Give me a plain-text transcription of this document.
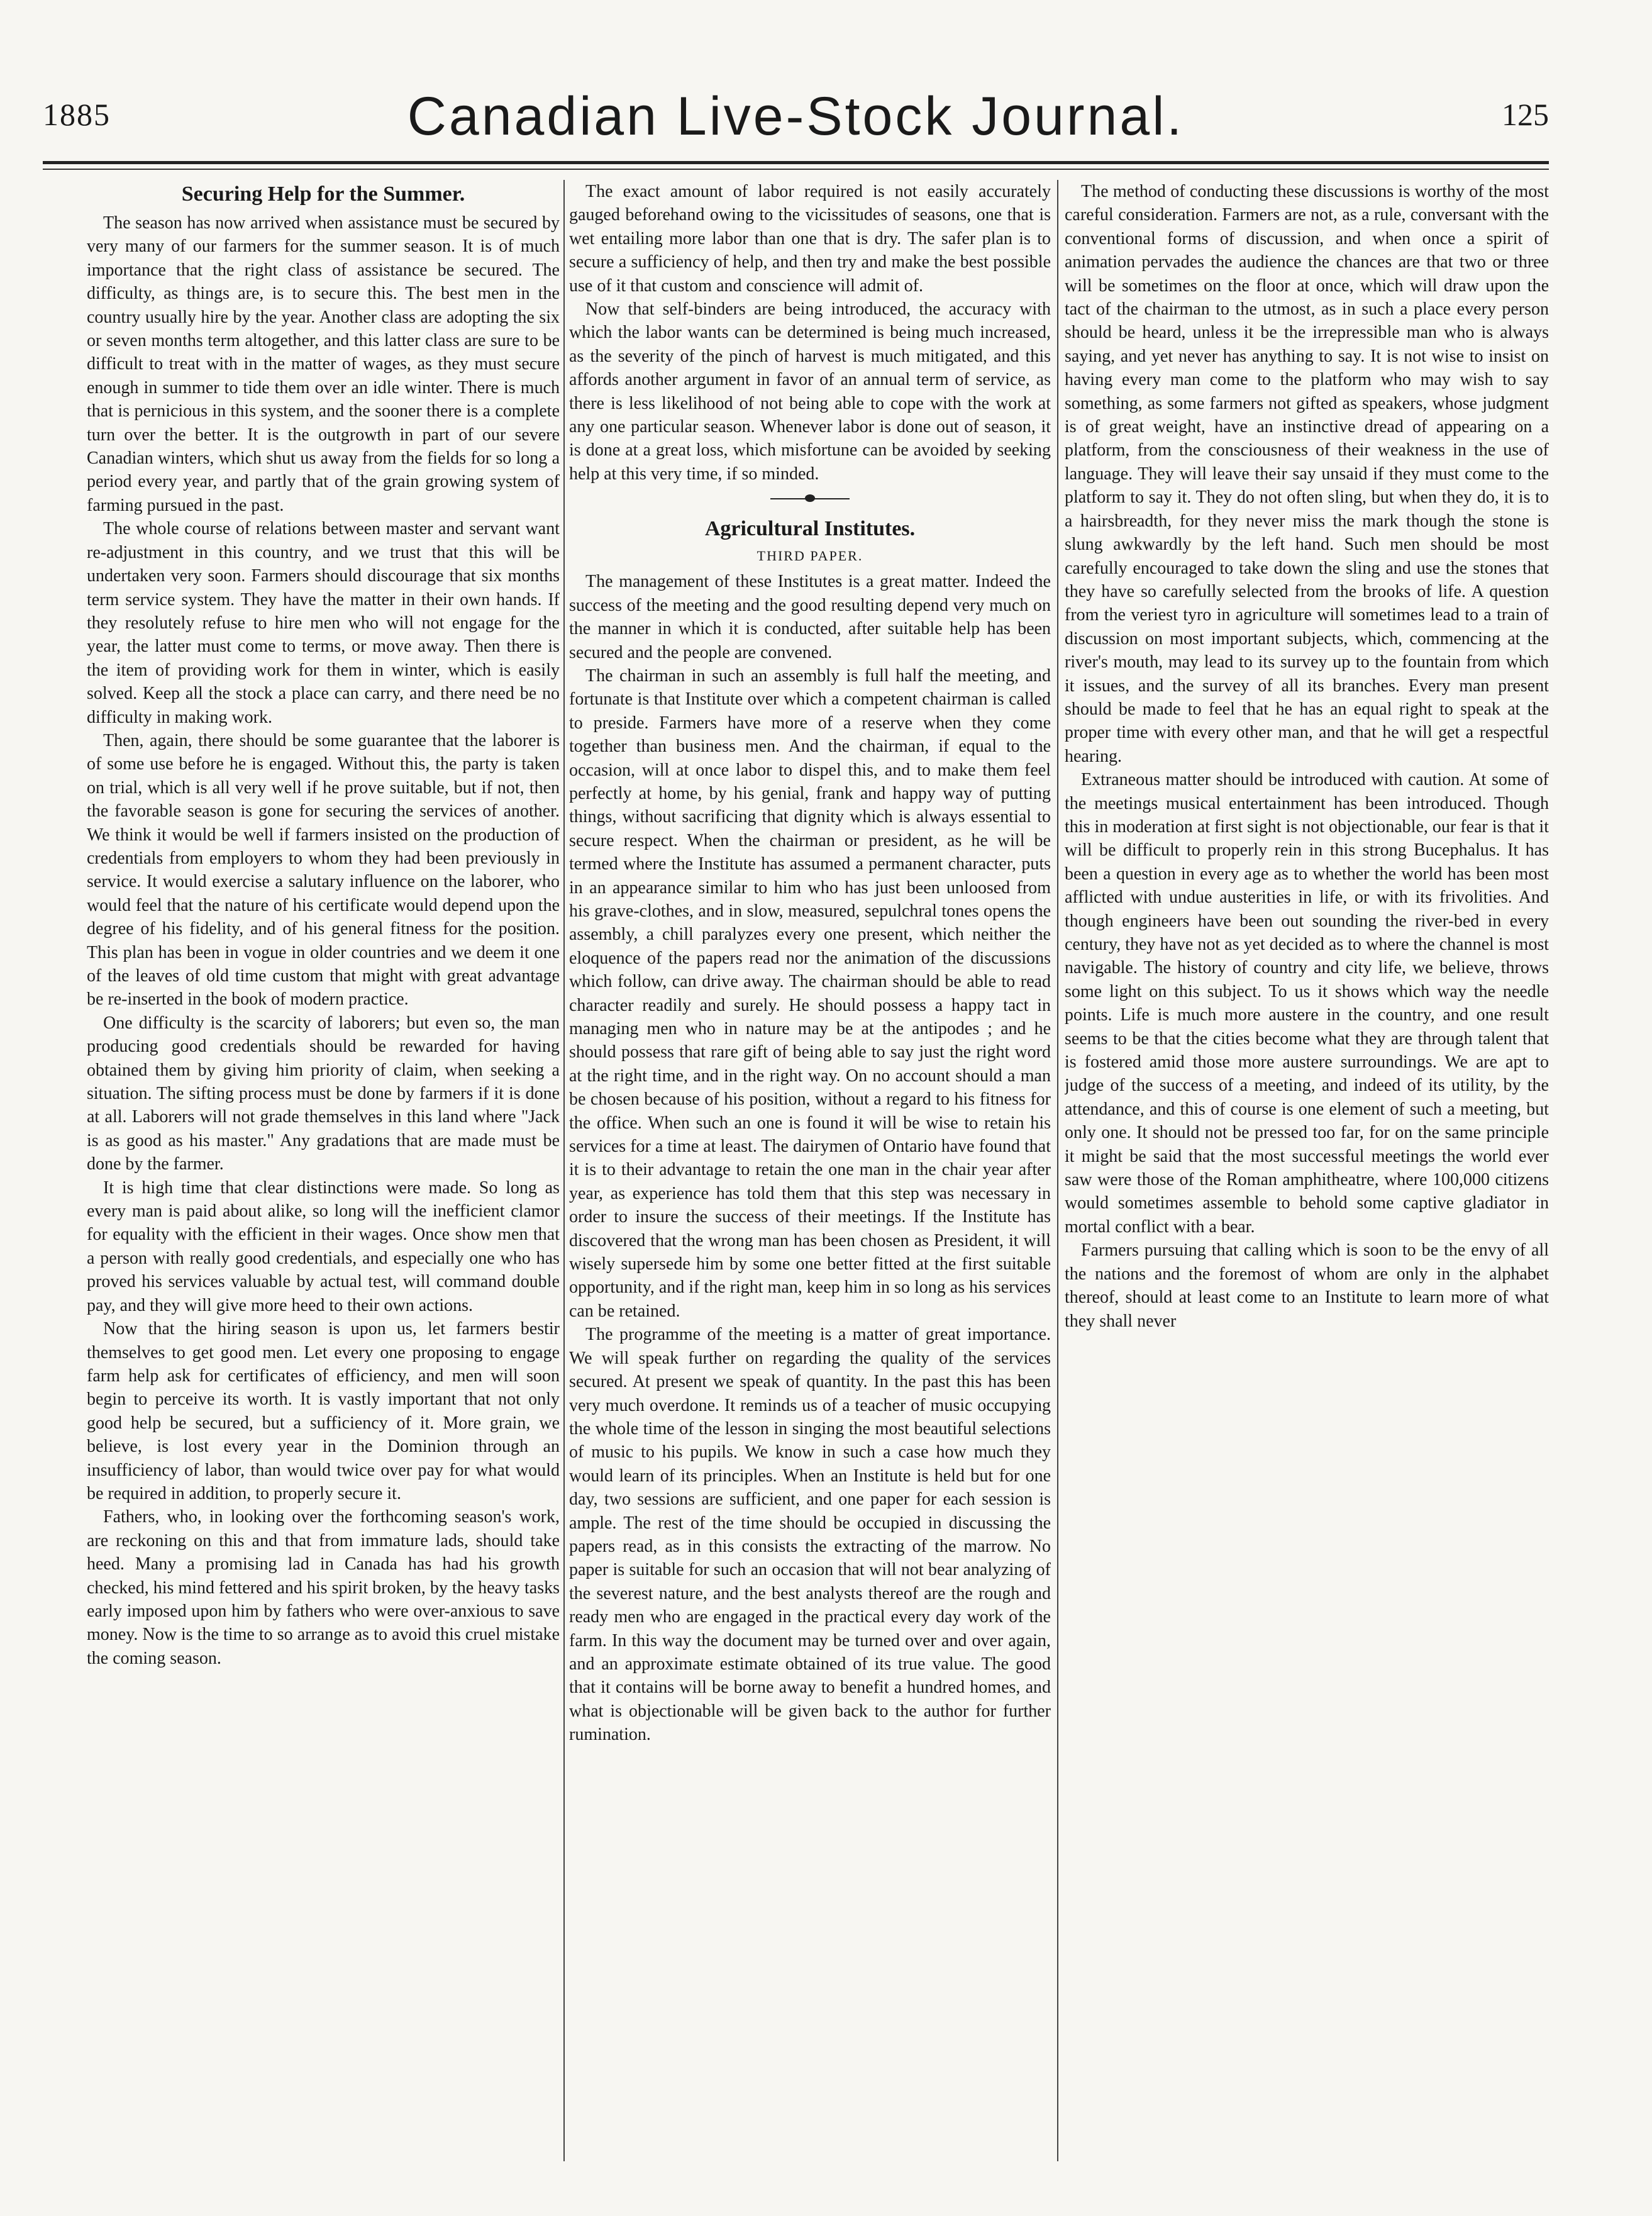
1885	Canadian Live-Stock Journal.	125
Securing Help for the Summer.

The season has now arrived when assistance must be secured by very many of our farmers for the summer season. It is of much importance that the right class of assistance be secured. The difficulty, as things are, is to secure this. The best men in the country usually hire by the year. Another class are adopting the six or seven months term altogether, and this latter class are sure to be difficult to treat with in the matter of wages, as they must secure enough in summer to tide them over an idle winter. There is much that is pernicious in this system, and the sooner there is a complete turn over the better. It is the outgrowth in part of our severe Canadian winters, which shut us away from the fields for so long a period every year, and partly that of the grain growing system of farming pursued in the past.

The whole course of relations between master and servant want re-adjustment in this country, and we trust that this will be undertaken very soon. Farmers should discourage that six months term service system. They have the matter in their own hands. If they resolutely refuse to hire men who will not engage for the year, the latter must come to terms, or move away. Then there is the item of providing work for them in winter, which is easily solved. Keep all the stock a place can carry, and there need be no difficulty in making work.

Then, again, there should be some guarantee that the laborer is of some use before he is engaged. Without this, the party is taken on trial, which is all very well if he prove suitable, but if not, then the favorable season is gone for securing the services of another. We think it would be well if farmers insisted on the production of credentials from employers to whom they had been previously in service. It would exercise a salutary influence on the laborer, who would feel that the nature of his certificate would depend upon the degree of his fidelity, and of his general fitness for the position. This plan has been in vogue in older countries and we deem it one of the leaves of old time custom that might with great advantage be re-inserted in the book of modern practice.

One difficulty is the scarcity of laborers; but even so, the man producing good credentials should be rewarded for having obtained them by giving him priority of claim, when seeking a situation. The sifting process must be done by farmers if it is done at all. Laborers will not grade themselves in this land where "Jack is as good as his master." Any gradations that are made must be done by the farmer.

It is high time that clear distinctions were made. So long as every man is paid about alike, so long will the inefficient clamor for equality with the efficient in their wages. Once show men that a person with really good credentials, and especially one who has proved his services valuable by actual test, will command double pay, and they will give more heed to their own actions.

Now that the hiring season is upon us, let farmers bestir themselves to get good men. Let every one proposing to engage farm help ask for certificates of efficiency, and men will soon begin to perceive its worth. It is vastly important that not only good help be secured, but a sufficiency of it. More grain, we believe, is lost every year in the Dominion through an insufficiency of labor, than would twice over pay for what would be required in addition, to properly secure it.

Fathers, who, in looking over the forthcoming season's work, are reckoning on this and that from immature lads, should take heed. Many a promising lad in Canada has had his growth checked, his mind fettered and his spirit broken, by the heavy tasks early imposed upon him by fathers who were over-anxious to save money. Now is the time to so arrange as to avoid this cruel mistake the coming season.

The exact amount of labor required is not easily accurately gauged beforehand owing to the vicissitudes of seasons, one that is wet entailing more labor than one that is dry. The safer plan is to secure a sufficiency of help, and then try and make the best possible use of it that custom and conscience will admit of.

Now that self-binders are being introduced, the accuracy with which the labor wants can be determined is being much increased, as the severity of the pinch of harvest is much mitigated, and this affords another argument in favor of an annual term of service, as there is less likelihood of not being able to cope with the work at any one particular season. Whenever labor is done out of season, it is done at a great loss, which misfortune can be avoided by seeking help at this very time, if so minded.

Agricultural Institutes.
THIRD PAPER.

The management of these Institutes is a great matter. Indeed the success of the meeting and the good resulting depend very much on the manner in which it is conducted, after suitable help has been secured and the people are convened.

The chairman in such an assembly is full half the meeting, and fortunate is that Institute over which a competent chairman is called to preside. Farmers have more of a reserve when they come together than business men. And the chairman, if equal to the occasion, will at once labor to dispel this, and to make them feel perfectly at home, by his genial, frank and happy way of putting things, without sacrificing that dignity which is always essential to secure respect. When the chairman or president, as he will be termed where the Institute has assumed a permanent character, puts in an appearance similar to him who has just been unloosed from his grave-clothes, and in slow, measured, sepulchral tones opens the assembly, a chill paralyzes every one present, which neither the eloquence of the papers read nor the animation of the discussions which follow, can drive away. The chairman should be able to read character readily and surely. He should possess a happy tact in managing men who in nature may be at the antipodes ; and he should possess that rare gift of being able to say just the right word at the right time, and in the right way. On no account should a man be chosen because of his position, without a regard to his fitness for the office. When such an one is found it will be wise to retain his services for a time at least. The dairymen of Ontario have found that it is to their advantage to retain the one man in the chair year after year, as experience has told them that this step was necessary in order to insure the success of their meetings. If the Institute has discovered that the wrong man has been chosen as President, it will wisely supersede him by some one better fitted at the first suitable opportunity, and if the right man, keep him in so long as his services can be retained.

The programme of the meeting is a matter of great importance. We will speak further on regarding the quality of the services secured. At present we speak of quantity. In the past this has been very much overdone. It reminds us of a teacher of music occupying the whole time of the lesson in singing the most beautiful selections of music to his pupils. We know in such a case how much they would learn of its principles. When an Institute is held but for one day, two sessions are sufficient, and one paper for each session is ample. The rest of the time should be occupied in discussing the papers read, as in this consists the extracting of the marrow. No paper is suitable for such an occasion that will not bear analyzing of the severest nature, and the best analysts thereof are the rough and ready men who are engaged in the practical every day work of the farm. In this way the document may be turned over and over again, and an approximate estimate obtained of its true value. The good that it contains will be borne away to benefit a hundred homes, and what is objectionable will be given back to the author for further rumination.

The method of conducting these discussions is worthy of the most careful consideration. Farmers are not, as a rule, conversant with the conventional forms of discussion, and when once a spirit of animation pervades the audience the chances are that two or three will be sometimes on the floor at once, which will draw upon the tact of the chairman to the utmost, as in such a place every person should be heard, unless it be the irrepressible man who is always saying, and yet never has anything to say. It is not wise to insist on having every man come to the platform who may wish to say something, as some farmers not gifted as speakers, whose judgment is of great weight, have an instinctive dread of appearing on a platform, from the consciousness of their weakness in the use of language. They will leave their say unsaid if they must come to the platform to say it. They do not often sling, but when they do, it is to a hairsbreadth, for they never miss the mark though the stone is slung awkwardly by the left hand. Such men should be most carefully encouraged to take down the sling and use the stones that they have so carefully selected from the brooks of life. A question from the veriest tyro in agriculture will sometimes lead to a train of discussion on most important subjects, which, commencing at the river's mouth, may lead to its survey up to the fountain from which it issues, and the survey of all its branches. Every man present should be made to feel that he has an equal right to speak at the proper time with every other man, and that he will get a respectful hearing.

Extraneous matter should be introduced with caution. At some of the meetings musical entertainment has been introduced. Though this in moderation at first sight is not objectionable, our fear is that it will be difficult to properly rein in this strong Bucephalus. It has been a question in every age as to whether the world has been most afflicted with undue austerities in life, or with its frivolities. And though engineers have been out sounding the river-bed in every century, they have not as yet decided as to where the channel is most navigable. The history of country and city life, we believe, throws some light on this subject. To us it shows which way the needle points. Life is much more austere in the country, and one result seems to be that the cities become what they are through talent that is fostered amid those more austere surroundings. We are apt to judge of the success of a meeting, and indeed of its utility, by the attendance, and this of course is one element of such a meeting, but only one. It should not be pressed too far, for on the same principle it might be said that the most successful meetings the world ever saw were those of the Roman amphitheatre, where 100,000 citizens would sometimes assemble to behold some captive gladiator in mortal conflict with a bear.

Farmers pursuing that calling which is soon to be the envy of all the nations and the foremost of whom are only in the alphabet thereof, should at least come to an Institute to learn more of what they shall never
